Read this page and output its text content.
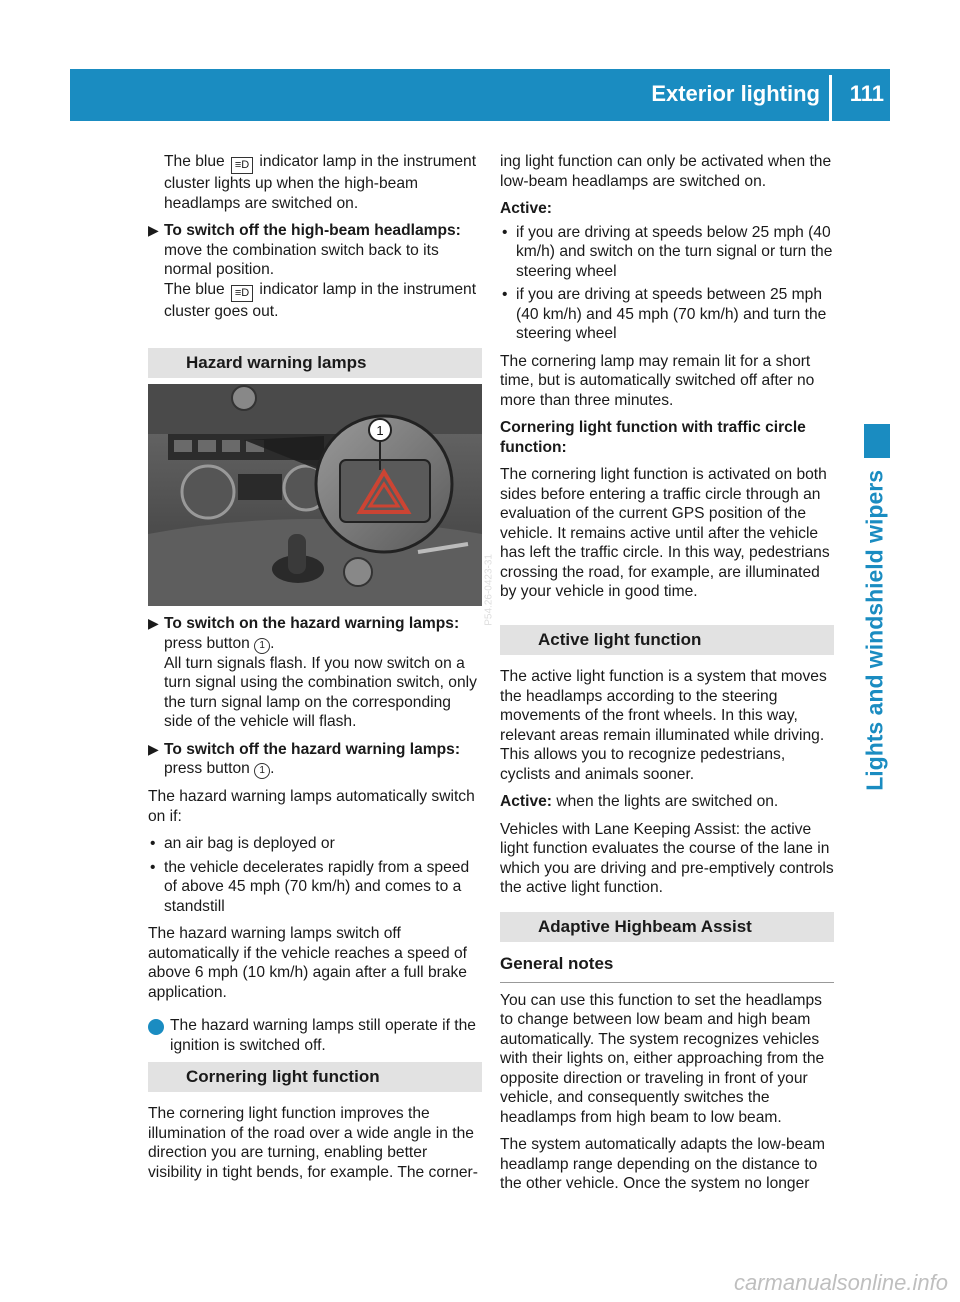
Exterior lighting 111
Lights and windshield wipers

The blue ≡D indicator lamp in the instrument cluster lights up when the high-beam headlamps are switched on.

▶ To switch off the high-beam headlamps:
move the combination switch back to its normal position.
The blue ≡D indicator lamp in the instrument cluster goes out.

Hazard warning lamps
1
P54.26-0423-31

▶ To switch on the hazard warning lamps:
press button 1 .
All turn signals flash. If you now switch on a turn signal using the combination switch, only the turn signal lamp on the corresponding side of the vehicle will flash.

▶ To switch off the hazard warning lamps:
press button 1 .

The hazard warning lamps automatically switch on if:

• an air bag is deployed or
• the vehicle decelerates rapidly from a speed of above 45 mph (70 km/h) and comes to a standstill

The hazard warning lamps switch off automatically if the vehicle reaches a speed of above 6 mph (10 km/h) again after a full brake application.

i The hazard warning lamps still operate if the ignition is switched off.

Cornering light function

The cornering light function improves the illumination of the road over a wide angle in the direction you are turning, enabling better visibility in tight bends, for example. The corner-

ing light function can only be activated when the low-beam headlamps are switched on.

Active:

• if you are driving at speeds below 25 mph (40 km/h) and switch on the turn signal or turn the steering wheel
• if you are driving at speeds between 25 mph (40 km/h) and 45 mph (70 km/h) and turn the steering wheel

The cornering lamp may remain lit for a short time, but is automatically switched off after no more than three minutes.

Cornering light function with traffic circle function:

The cornering light function is activated on both sides before entering a traffic circle through an evaluation of the current GPS position of the vehicle. It remains active until after the vehicle has left the traffic circle. In this way, pedestrians crossing the road, for example, are illuminated by your vehicle in good time.

Active light function

The active light function is a system that moves the headlamps according to the steering movements of the front wheels. In this way, relevant areas remain illuminated while driving. This allows you to recognize pedestrians, cyclists and animals sooner.

Active: when the lights are switched on.

Vehicles with Lane Keeping Assist: the active light function evaluates the course of the lane in which you are driving and pre-emptively controls the active light function.

Adaptive Highbeam Assist

General notes

You can use this function to set the headlamps to change between low beam and high beam automatically. The system recognizes vehicles with their lights on, either approaching from the opposite direction or traveling in front of your vehicle, and consequently switches the headlamps from high beam to low beam.

The system automatically adapts the low-beam headlamp range depending on the distance to the other vehicle. Once the system no longer

carmanualsonline.info
